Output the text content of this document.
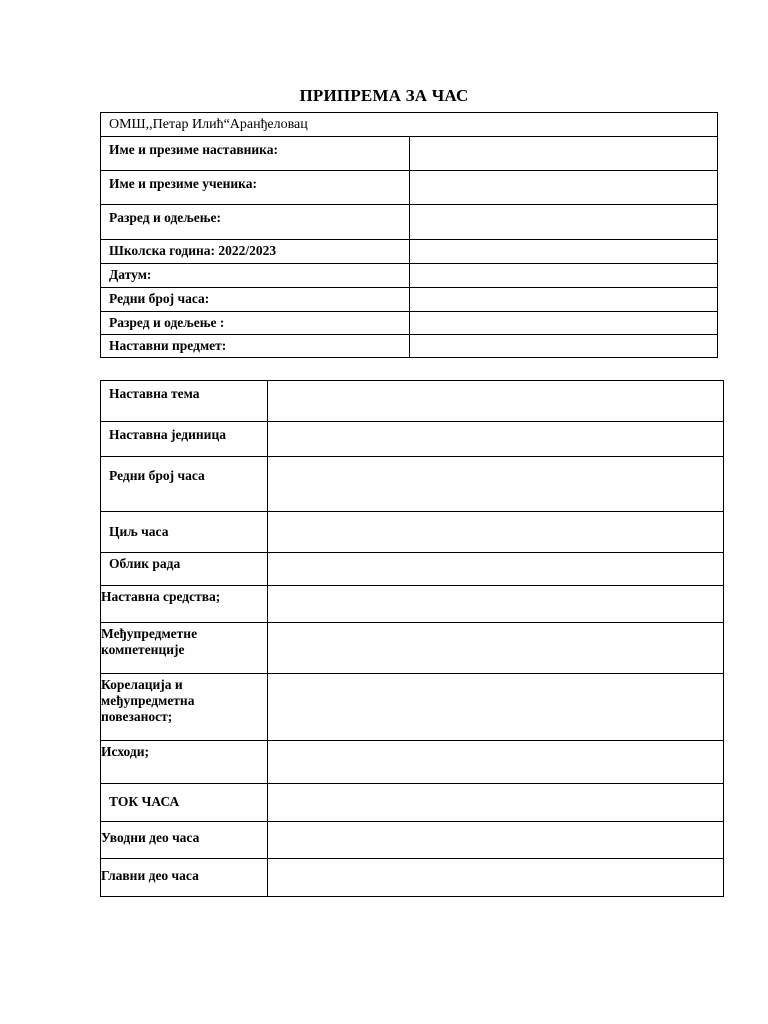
ПРИПРЕМА ЗА ЧАС
ОМШ,,Петар Илић“Аранђеловац	
Име и презиме наставника:	
Име и презиме ученика:	
Разред и одељење:	
Школска година: 2022/2023	
Датум:	
Редни број часа:	
Разред и одељење :	
Наставни предмет:	
Наставна тема	
Наставна јединица	
Редни број часа	
Циљ часа	
Облик рада	
Наставна средства;	
Међупредметне компетенције	
Корелација и међупредметна повезаност;	
Исходи;	
ТОК ЧАСА	
Уводни део часа	
Главни део часа	
